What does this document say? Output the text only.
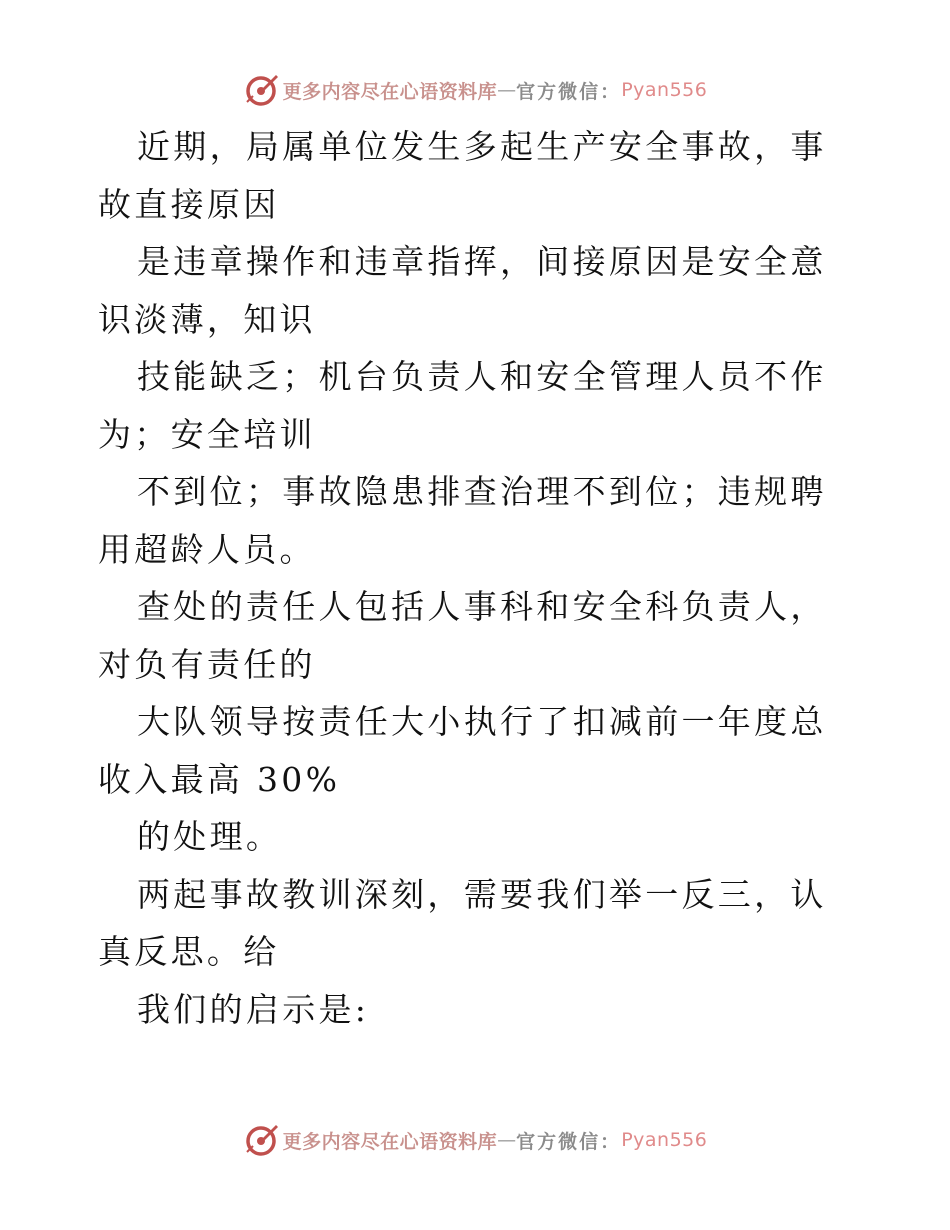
更多内容尽在心语资料库 — 官方微信： Pyan556

近期，局属单位发生多起生产安全事故，事故直接原因

是违章操作和违章指挥，间接原因是安全意识淡薄，知识

技能缺乏；机台负责人和安全管理人员不作为；安全培训

不到位；事故隐患排查治理不到位；违规聘用超龄人员。

查处的责任人包括人事科和安全科负责人，对负有责任的

大队领导按责任大小执行了扣减前一年度总收入最高 30%

的处理。

两起事故教训深刻，需要我们举一反三，认真反思。给

我们的启示是:

更多内容尽在心语资料库 — 官方微信： Pyan556
